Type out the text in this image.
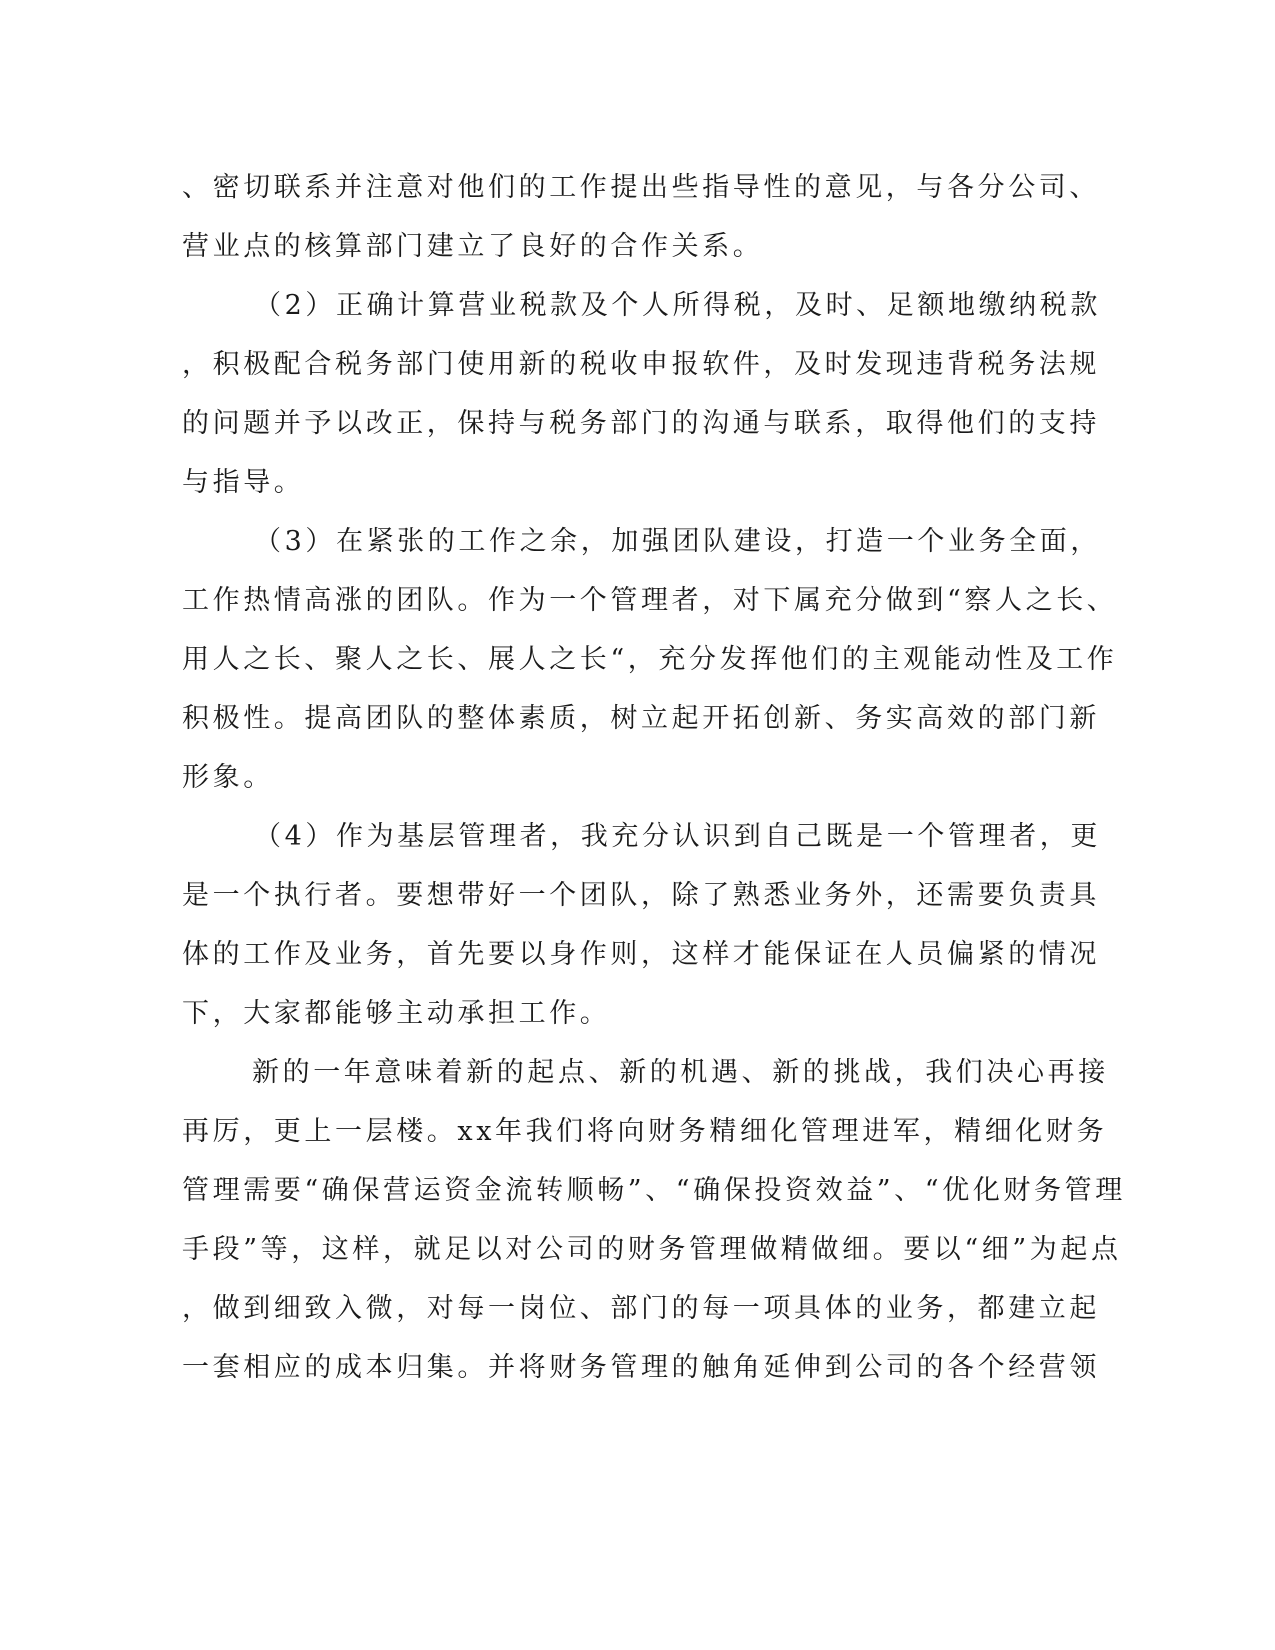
、密切联系并注意对他们的工作提出些指导性的意见，与各分公司、
营业点的核算部门建立了良好的合作关系。
（2）正确计算营业税款及个人所得税，及时、足额地缴纳税款
，积极配合税务部门使用新的税收申报软件，及时发现违背税务法规
的问题并予以改正，保持与税务部门的沟通与联系，取得他们的支持
与指导。
（3）在紧张的工作之余，加强团队建设，打造一个业务全面，
工作热情高涨的团队。作为一个管理者，对下属充分做到“察人之长、
用人之长、聚人之长、展人之长“，充分发挥他们的主观能动性及工作
积极性。提高团队的整体素质，树立起开拓创新、务实高效的部门新
形象。
（4）作为基层管理者，我充分认识到自己既是一个管理者，更
是一个执行者。要想带好一个团队，除了熟悉业务外，还需要负责具
体的工作及业务，首先要以身作则，这样才能保证在人员偏紧的情况
下，大家都能够主动承担工作。
新的一年意味着新的起点、新的机遇、新的挑战，我们决心再接
再厉，更上一层楼。xx年我们将向财务精细化管理进军，精细化财务
管理需要“确保营运资金流转顺畅”、“确保投资效益”、“优化财务管理
手段”等，这样，就足以对公司的财务管理做精做细。要以“细”为起点
，做到细致入微，对每一岗位、部门的每一项具体的业务，都建立起
一套相应的成本归集。并将财务管理的触角延伸到公司的各个经营领
